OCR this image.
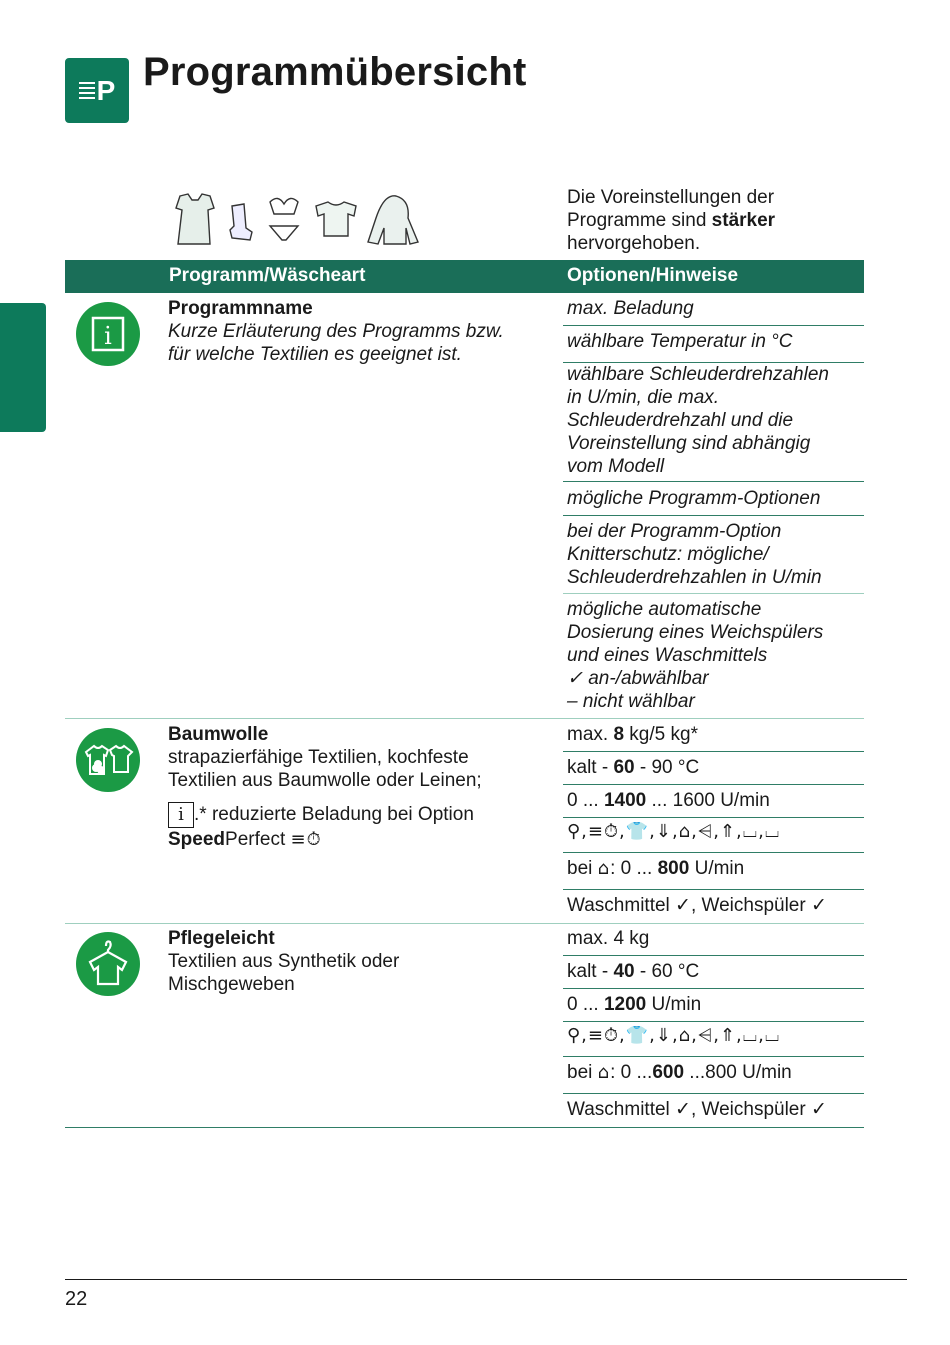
P Programmübersicht
Die Voreinstellungen der
Programme sind stärker
hervorgehoben.
Programm/Wäscheart	Optionen/Hinweise
i
Programmname
Kurze Erläuterung des Programms bzw.
für welche Textilien es geeignet ist.
max. Beladung
wählbare Temperatur in °C
wählbare Schleuderdrehzahlen
in U/min, die max.
Schleuderdrehzahl und die
Voreinstellung sind abhängig
vom Modell
mögliche Programm-Optionen
bei der Programm-Option
Knitterschutz: mögliche/
Schleuderdrehzahlen in U/min
mögliche automatische
Dosierung eines Weichspülers
und eines Waschmittels
✓ an-/abwählbar
– nicht wählbar
Baumwolle
strapazierfähige Textilien, kochfeste
Textilien aus Baumwolle oder Leinen;
i .* reduzierte Beladung bei Option
SpeedPerfect ≡⏱
max. 8 kg/5 kg*
kalt - 60 - 90 °C
0 ... 1400 ... 1600 U/min
⚲,≡⏱,👕,⇓,⌂,⩤,⇑,⌴,⌴
bei ⌂: 0 ... 800 U/min
Waschmittel ✓, Weichspüler ✓
Pflegeleicht
Textilien aus Synthetik oder
Mischgeweben
max. 4 kg
kalt - 40 - 60 °C
0 ... 1200 U/min
⚲,≡⏱,👕,⇓,⌂,⩤,⇑,⌴,⌴
bei ⌂: 0 ...600 ...800 U/min
Waschmittel ✓, Weichspüler ✓
22
